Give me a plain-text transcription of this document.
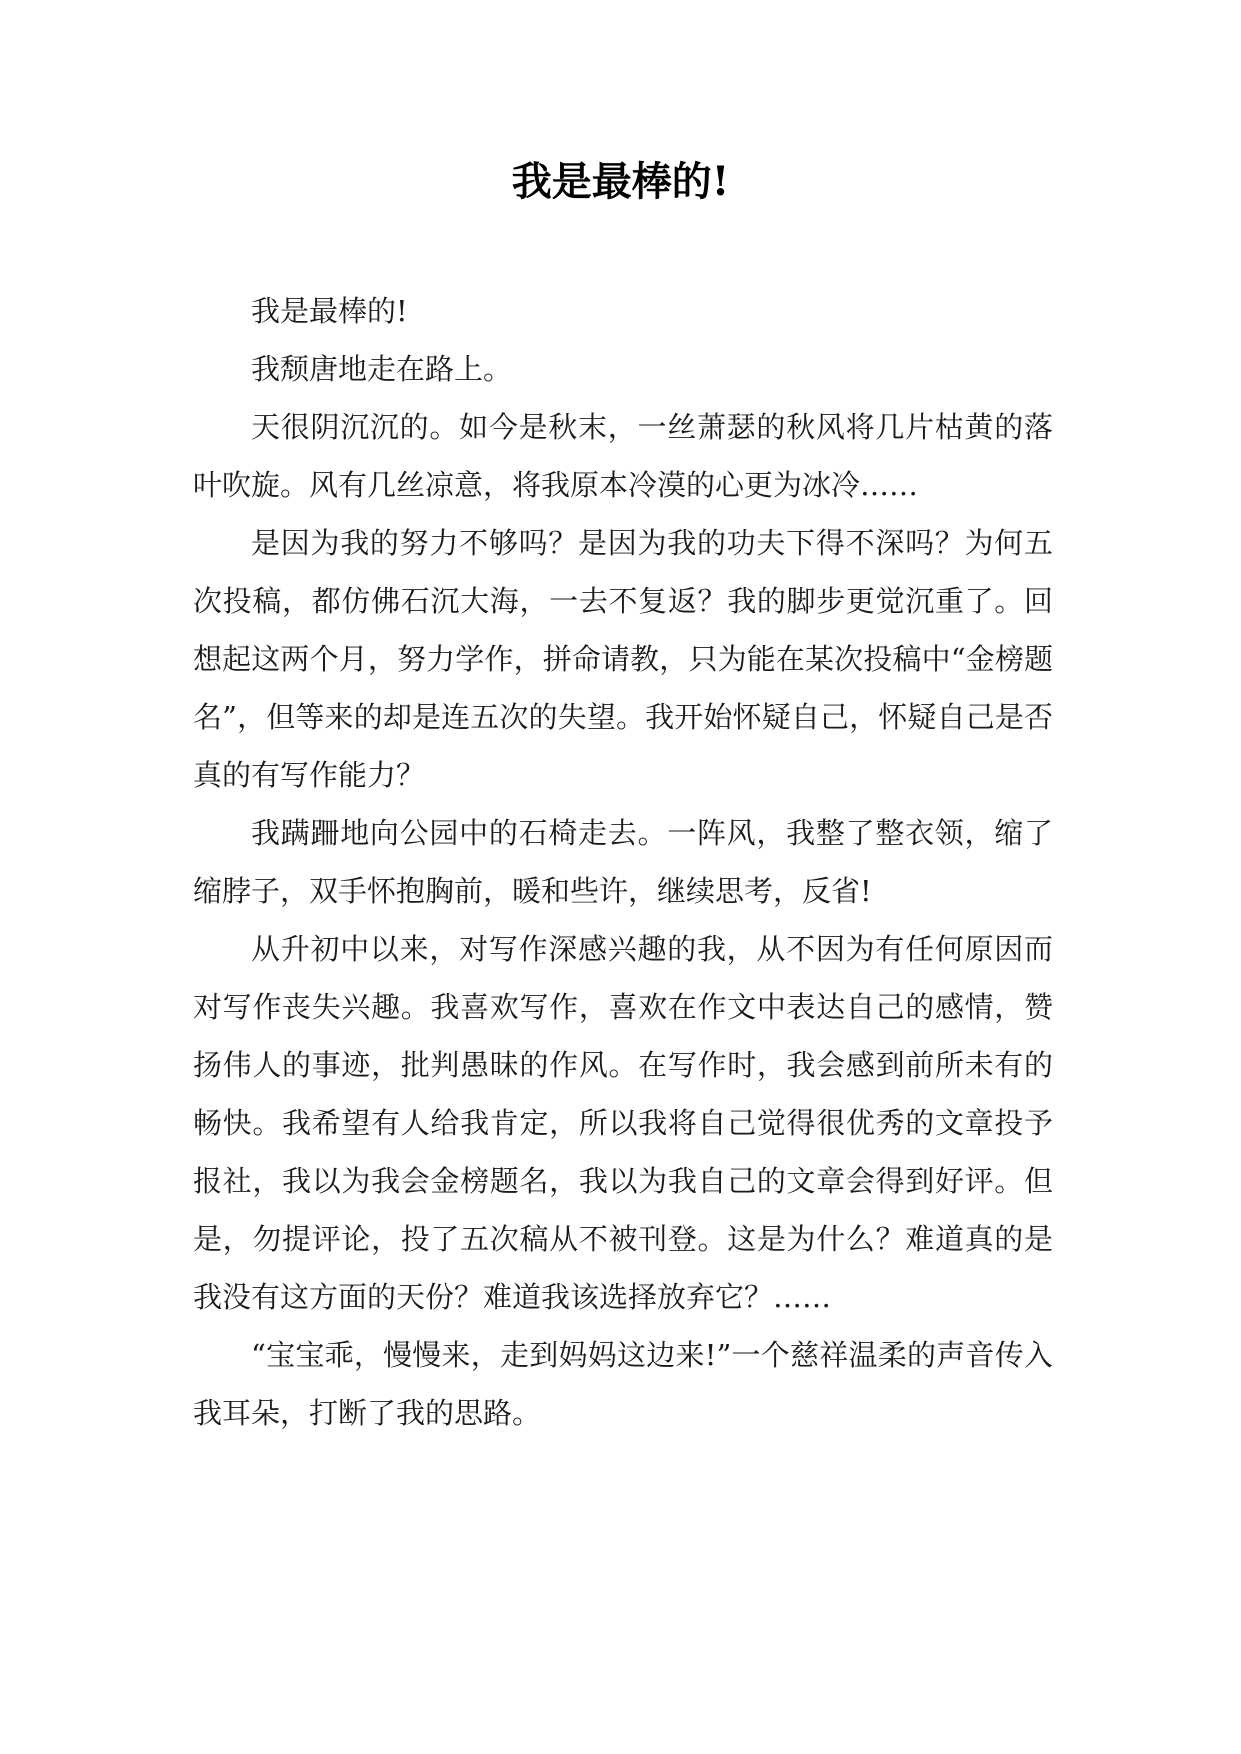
我是最棒的!

我是最棒的!

我颓唐地走在路上。

天很阴沉沉的。如今是秋末，一丝萧瑟的秋风将几片枯黄的落叶吹旋。风有几丝凉意，将我原本冷漠的心更为冰冷……

是因为我的努力不够吗？是因为我的功夫下得不深吗？为何五次投稿，都仿佛石沉大海，一去不复返？我的脚步更觉沉重了。回想起这两个月，努力学作，拼命请教，只为能在某次投稿中“金榜题名”，但等来的却是连五次的失望。我开始怀疑自己，怀疑自己是否真的有写作能力？

我蹒跚地向公园中的石椅走去。一阵风，我整了整衣领，缩了缩脖子，双手怀抱胸前，暖和些许，继续思考，反省!

从升初中以来，对写作深感兴趣的我，从不因为有任何原因而对写作丧失兴趣。我喜欢写作，喜欢在作文中表达自己的感情，赞扬伟人的事迹，批判愚昧的作风。在写作时，我会感到前所未有的畅快。我希望有人给我肯定，所以我将自己觉得很优秀的文章投予报社，我以为我会金榜题名，我以为我自己的文章会得到好评。但是，勿提评论，投了五次稿从不被刊登。这是为什么？难道真的是我没有这方面的天份？难道我该选择放弃它？……

“宝宝乖，慢慢来，走到妈妈这边来!”一个慈祥温柔的声音传入我耳朵，打断了我的思路。
